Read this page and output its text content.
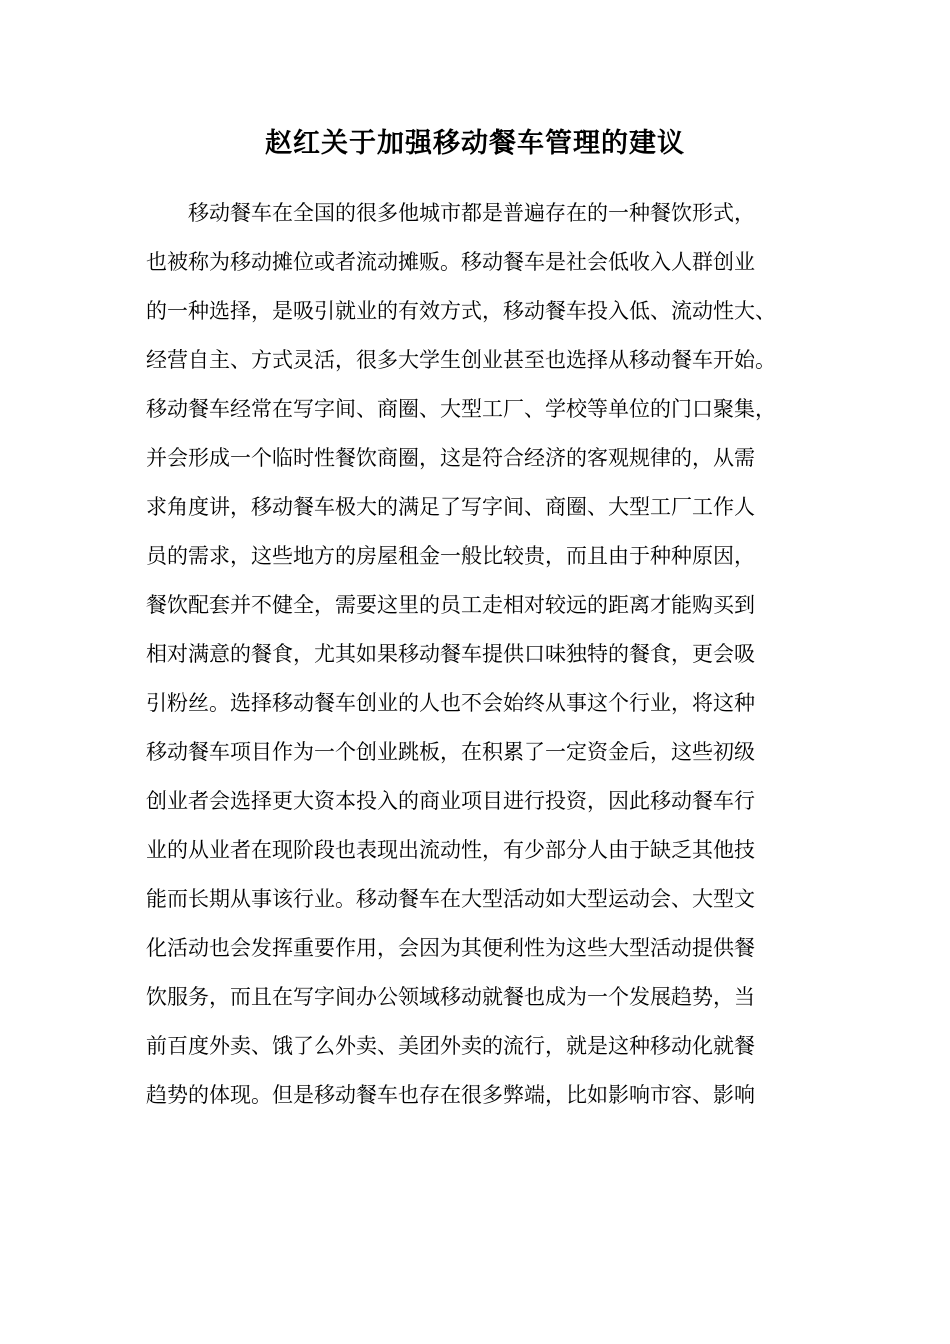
赵红关于加强移动餐车管理的建议
移动餐车在全国的很多他城市都是普遍存在的一种餐饮形式，
也被称为移动摊位或者流动摊贩。移动餐车是社会低收入人群创业
的一种选择，是吸引就业的有效方式，移动餐车投入低、流动性大、
经营自主、方式灵活，很多大学生创业甚至也选择从移动餐车开始。
移动餐车经常在写字间、商圈、大型工厂、学校等单位的门口聚集，
并会形成一个临时性餐饮商圈，这是符合经济的客观规律的，从需
求角度讲，移动餐车极大的满足了写字间、商圈、大型工厂工作人
员的需求，这些地方的房屋租金一般比较贵，而且由于种种原因，
餐饮配套并不健全，需要这里的员工走相对较远的距离才能购买到
相对满意的餐食，尤其如果移动餐车提供口味独特的餐食，更会吸
引粉丝。选择移动餐车创业的人也不会始终从事这个行业，将这种
移动餐车项目作为一个创业跳板，在积累了一定资金后，这些初级
创业者会选择更大资本投入的商业项目进行投资，因此移动餐车行
业的从业者在现阶段也表现出流动性，有少部分人由于缺乏其他技
能而长期从事该行业。移动餐车在大型活动如大型运动会、大型文
化活动也会发挥重要作用，会因为其便利性为这些大型活动提供餐
饮服务，而且在写字间办公领域移动就餐也成为一个发展趋势，当
前百度外卖、饿了么外卖、美团外卖的流行，就是这种移动化就餐
趋势的体现。但是移动餐车也存在很多弊端，比如影响市容、影响
